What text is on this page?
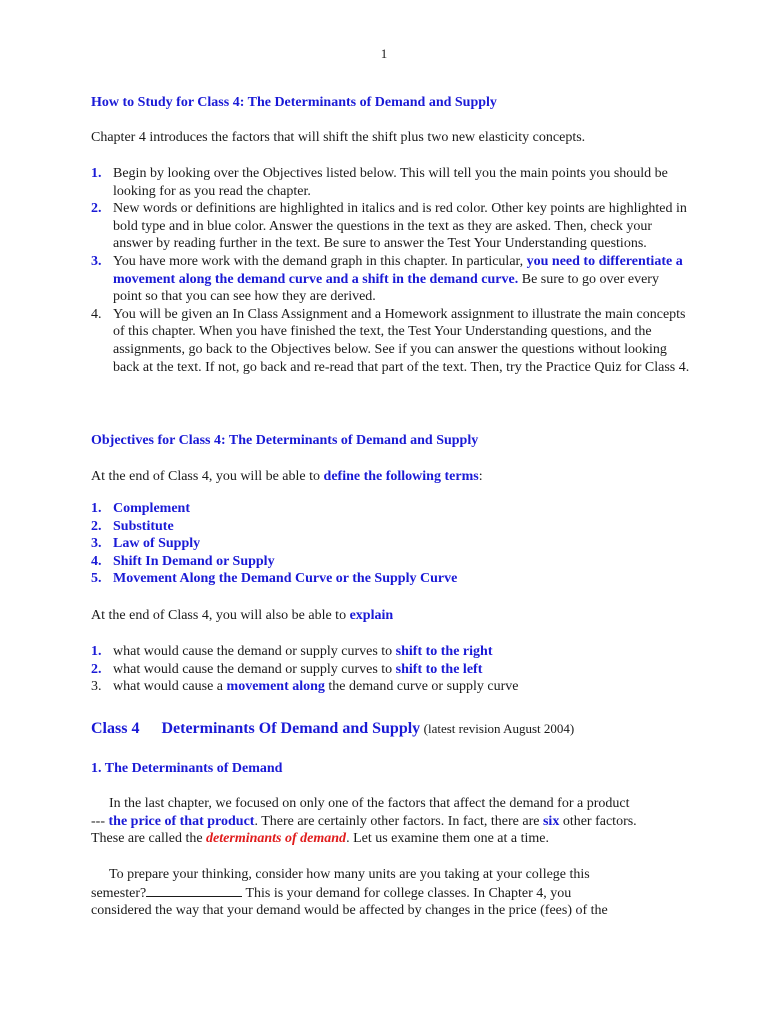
1
How to Study for Class 4: The Determinants of Demand and Supply
Chapter 4 introduces the factors that will shift the shift plus two new elasticity concepts.
1. Begin by looking over the Objectives listed below. This will tell you the main points you should be looking for as you read the chapter.
2. New words or definitions are highlighted in italics and is red color. Other key points are highlighted in bold type and in blue color. Answer the questions in the text as they are asked. Then, check your answer by reading further in the text. Be sure to answer the Test Your Understanding questions.
3. You have more work with the demand graph in this chapter. In particular, you need to differentiate a movement along the demand curve and a shift in the demand curve. Be sure to go over every point so that you can see how they are derived.
4. You will be given an In Class Assignment and a Homework assignment to illustrate the main concepts of this chapter. When you have finished the text, the Test Your Understanding questions, and the assignments, go back to the Objectives below. See if you can answer the questions without looking back at the text. If not, go back and re-read that part of the text. Then, try the Practice Quiz for Class 4.
Objectives for Class 4: The Determinants of Demand and Supply
At the end of Class 4, you will be able to define the following terms:
1. Complement
2. Substitute
3. Law of Supply
4. Shift In Demand or Supply
5. Movement Along the Demand Curve or the Supply Curve
At the end of Class 4, you will also be able to explain
1. what would cause the demand or supply curves to shift to the right
2. what would cause the demand or supply curves to shift to the left
3. what would cause a movement along the demand curve or supply curve
Class 4 Determinants Of Demand and Supply (latest revision August 2004)
1. The Determinants of Demand
In the last chapter, we focused on only one of the factors that affect the demand for a product
--- the price of that product. There are certainly other factors. In fact, there are six other factors.
These are called the determinants of demand. Let us examine them one at a time.
To prepare your thinking, consider how many units are you taking at your college this
semester?	This is your demand for college classes. In Chapter 4, you
considered the way that your demand would be affected by changes in the price (fees) of the
